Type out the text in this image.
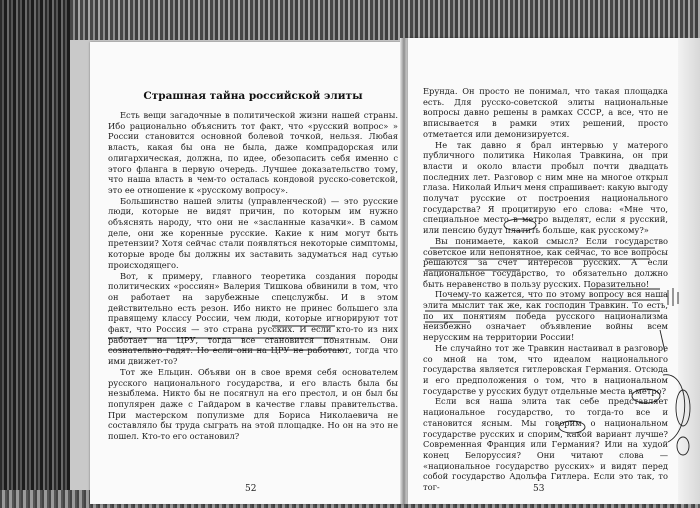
Страшная тайна российской элиты

Есть вещи загадочные в политической жизни нашей страны. Ибо рационально объяснить тот факт, что «русский вопрос» » России становится основной болевой точкой, нельзя. Любая власть, какая бы она не была, даже компрадорская или олигархическая, должна, по идее, обезопасить себя именно с этого фланга в первую очередь. Лучшее доказательство тому, что наша власть в чем-то осталась кондовой русско-советской, это ее отношение к «русскому вопросу».

Большинство нашей элиты (управленческой) — это русские люди, которые не видят причин, по которым им нужно объяснять народу, что они не «засланные казачки». В самом деле, они же коренные русские. Какие к ним могут быть претензии? Хотя сейчас стали появляться некоторые симптомы, которые вроде бы должны их заставить задуматься над сутью происходящего.

Вот, к примеру, главного теоретика создания породы политических «россиян» Валерия Тишкова обвинили в том, что он работает на зарубежные спецслужбы. И в этом действительно есть резон. Ибо никто не принес большего зла правящему классу России, чем люди, которые игнорируют тот факт, что Россия — это страна русских. И если кто-то из них работает на ЦРУ, тогда все становится понятным. Они сознательно гадят. Но если они на ЦРУ не работают, тогда что ими движет-то?

Тот же Ельцин. Объяви он в свое время себя основателем русского национального государства, и его власть была бы незыблема. Никто бы не посягнул на его престол, и он был бы популярен даже с Гайдаром в качестве главы правительства. При мастерском популизме для Бориса Николаевича не составляло бы труда сыграть на этой площадке. Но он на это не пошел. Кто-то его остановил?

52

Ерунда. Он просто не понимал, что такая площадка есть. Для русско-советской элиты национальные вопросы давно решены в рамках СССР, а все, что не вписывается в рамки этих решений, просто отметается или демонизируется.

Не так давно я брал интервью у матерого публичного политика Николая Травкина, он при власти и около власти пробыл почти двадцать последних лет. Разговор с ним мне на многое открыл глаза. Николай Ильич меня спрашивает: какую выгоду получат русские от построения национального государства? Я процитирую его слова: «Мне что, специальное место в метро выделят, если я русский, или пенсию будут платить больше, как русскому?»

Вы понимаете, какой смысл? Если государство советское или непонятное, как сейчас, то все вопросы решаются за счет интересов русских. А если национальное государство, то обязательно должно быть неравенство в пользу русских. Поразительно!

Почему-то кажется, что по этому вопросу вся наша элита мыслит так же, как господин Травкин. То есть, по их понятиям победа русского национализма неизбежно означает объявление войны всем нерусским на территории России!

Не случайно тот же Травкин настаивал в разговоре со мной на том, что идеалом национального государства является гитлеровская Германия. Отсюда и его предположения о том, что в национальном государстве у русских будут отдельные места в метро?

Если вся наша элита так себе представляет национальное государство, то тогда-то все и становится ясным. Мы говорим о национальном государстве русских и спорим, какой вариант лучше? Современная Франция или Германия? Или на худой конец Белоруссия? Они читают слова — «национальное государство русских» и видят перед собой государство Адольфа Гитлера. Если это так, то тог-	53
